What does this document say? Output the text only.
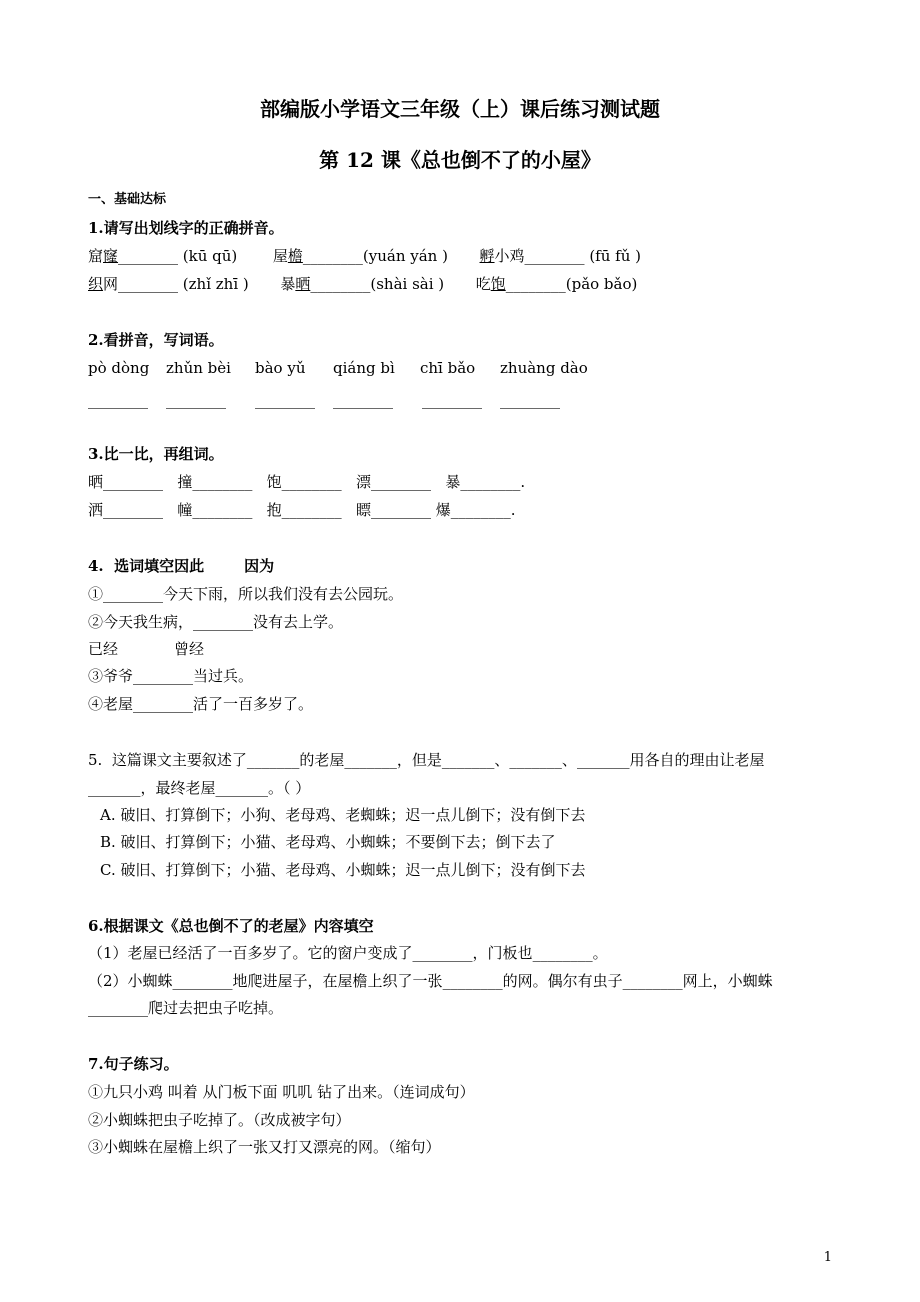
部编版小学语文三年级（上）课后练习测试题
第 12 课《总也倒不了的小屋》
一、基础达标
1.请写出划线字的正确拼音。
窟窿________ (kū qū) 屋檐________(yuán yán ) 孵小鸡________ (fū fǔ )
织网________ (zhǐ zhī ) 暴晒________(shài sài ) 吃饱________(pǎo bǎo)
2.看拼音，写词语。
pò dòng zhǔn bèi bào yǔ qiáng bì chī bǎo zhuàng dào
________ ________ ________ ________ ________ ________
3.比一比，再组词。
晒________ 撞________ 饱________ 漂________ 暴________.
洒________ 幢________ 抱________ 瞟________ 爆________.
4. 选词填空因此	因为
①________今天下雨，所以我们没有去公园玩。
②今天我生病，________没有去上学。
已经	曾经
③爷爷________当过兵。
④老屋________活了一百多岁了。
5. 这篇课文主要叙述了_______的老屋_______，但是_______、_______、_______用各自的理由让老屋
_______，最终老屋_______。（ ）
A. 破旧、打算倒下；小狗、老母鸡、老蜘蛛；迟一点儿倒下；没有倒下去
B. 破旧、打算倒下；小猫、老母鸡、小蜘蛛；不要倒下去；倒下去了
C. 破旧、打算倒下；小猫、老母鸡、小蜘蛛；迟一点儿倒下；没有倒下去
6.根据课文《总也倒不了的老屋》内容填空
（1）老屋已经活了一百多岁了。它的窗户变成了________，门板也________。
（2）小蜘蛛________地爬进屋子，在屋檐上织了一张________的网。偶尔有虫子________网上，小蜘蛛
________爬过去把虫子吃掉。
7.句子练习。
①九只小鸡 叫着 从门板下面 叽叽 钻了出来。（连词成句）
②小蜘蛛把虫子吃掉了。（改成被字句）
③小蜘蛛在屋檐上织了一张又打又漂亮的网。（缩句）
1
